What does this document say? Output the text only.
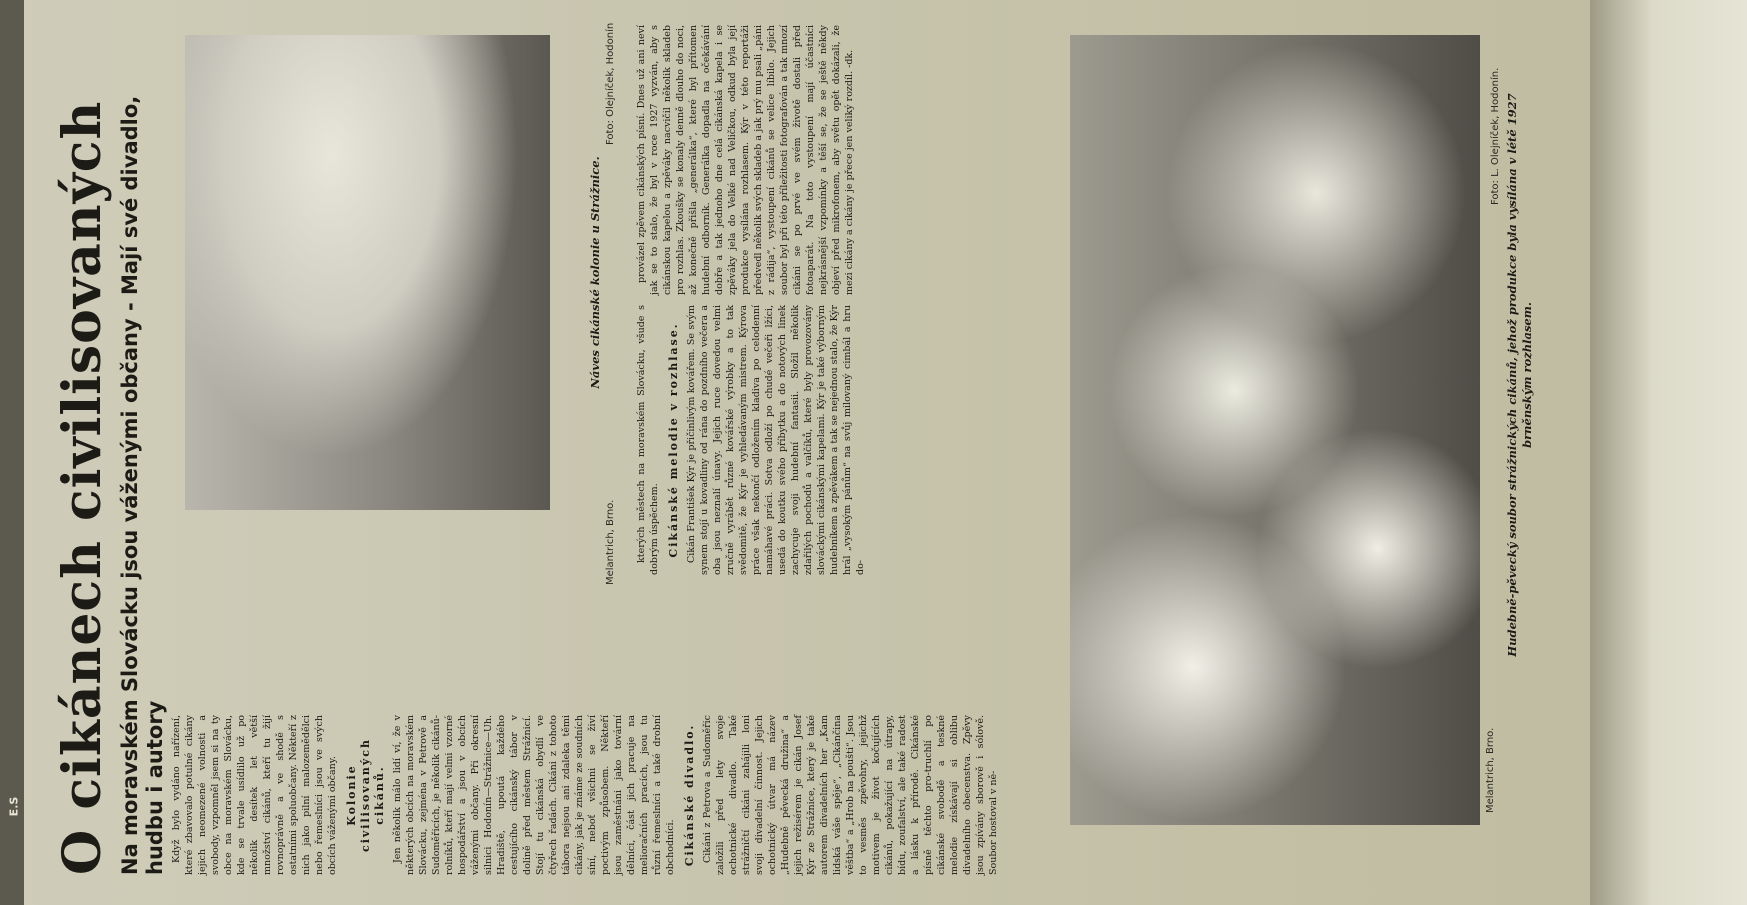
E.S O cikánech civilisovaných Na moravském Slovácku jsou váženými občany - Mají své divadlo, hudbu i autory Když bylo vydáno nařízení, které zbavovalo potulné cikány jejich neomezené volnosti a svobody, vzpomněl jsem si na ty obce na moravském Slovácku, kde se trvale usídlilo už po několik desítek let větší množství cikánů, kteří tu žijí rovnoprávně a ve shodě s ostatními spoluobčany. Někteří z nich jako pilní malozemědělci nebo řemeslníci jsou ve svých obcích váženými občany. Kolonie civilisovaných cikánů. Jen několik málo lidí ví, že v některých obcích na moravském Slovácku, zejména v Petrově a Sudoměřicích, je několik cikánů-rolníků, kteří mají velmi vzorné hospodářství a jsou v obcích váženými občany. Při okresní silnici Hodonín—Strážnice—Uh. Hradiště, upoutá každého cestujícího cikánský tábor v dolině před městem Strážnicí. Stojí tu cikánská obydlí ve čtyřech řadách. Cikáni z tohoto tábora nejsou ani zdaleka těmi cikány, jak je známe ze soudních síní, neboť všichni se živí poctivým způsobem. Někteří jsou zaměstnáni jako tovární dělníci, část jich pracuje na melioračních pracích, jsou tu různí řemeslníci a také drobní obchodníci. Cikánské divadlo. Cikáni z Petrova a Sudoměřic založili před lety svoje ochotnické divadlo. Také strážničtí cikáni zahájili loni svoji divadelní činnost. Jejich ochotnický útvar má název „Hudebně pěvecká družina“ a jejich režisérem je cikán Josef Kýr ze Strážnice, který je také autorem divadelních her „Kam lidská váše spěje“, „Cikánčina věštba“ a „Hrob na poušti“. Jsou to vesměs zpěvohry, jejichž motivem je život kočujících cikánů, pokažující na útrapy, bídu, zoufalství, ale také radost a lásku k přírodě. Cikánské písně těchto pro-truchlí po cikánské svobodě a teskné melodie získávají si oblibu divadelního obecenstva. Zpěvy jsou zpívány sborově i sólově. Soubor hostoval v ně-

Melantrich, Brno.
Foto: Olejníček, Hodonín
Náves cikánské kolonie u Strážnice.

kterých městech na moravském Slovácku, všude s dobrým úspěchem. Cikánské melodie v rozhlase. Cikán František Kýr je přičinlivým kovářem. Se svým synem stojí u kovadliny od rána do pozdního večera a oba jsou neznalí únavy. Jejich ruce dovedou velmi zručně vyrábět různé kovářské výrobky a to tak svědomitě, že Kýr je vyhledávaným mistrem. Kýrova práce však nekončí odložením kladiva po celodenní namáhavé práci. Sotva odloží po chudé večeři lžíci, usedá do koutku svého příbytku a do notových linek zachycuje svoji hudební fantasii. Složil několik zdařilých pochodů a valčíků, které byly provozovány slováckými cikánskými kapelami. Kýr je také výborným hudebníkem a zpěvákem a tak se nejednou stalo, že Kýr hrál „vysokým pánům“ na svůj milovaný cimbál a hru do-

provázel zpěvem cikánských písní. Dnes už ani neví jak se to stalo, že byl v roce 1927 vyzván, aby s cikánskou kapelou a zpěváky nacvičil několik skladeb pro rozhlas. Zkoušky se konaly denně dlouho do noci, až konečně přišla „generálka“, které byl přítomen hudební odborník. Generálka dopadla na očekávání dobře a tak jednoho dne celá cikánská kapela i se zpěváky jela do Velké nad Veličkou, odkud byla její produkce vysílána rozhlasem. Kýr v této reportáži předvedl několik svých skladeb a jak prý mu psali „páni z rádija“, vystoupení cikánů se velice líbilo. Jejich soubor byl při této příležitosti fotografován a tak mnozí cikáni se po prvé ve svém životě dostali před fotoaparát. Na toto vystoupení mají účastníci nejkrásnější vzpomínky a těší se, že se ještě někdy objeví před mikrofonem, aby světu opět dokázali, že mezi cikány a cikány je přece jen veliký rozdíl. -dk.

Melantrich, Brno.
Foto: L. Olejníček, Hodonín. Hudebně-pěvecký soubor strážnických cikánů, jehož produkce byla vysílána v létě 1927 brněnským rozhlasem.
